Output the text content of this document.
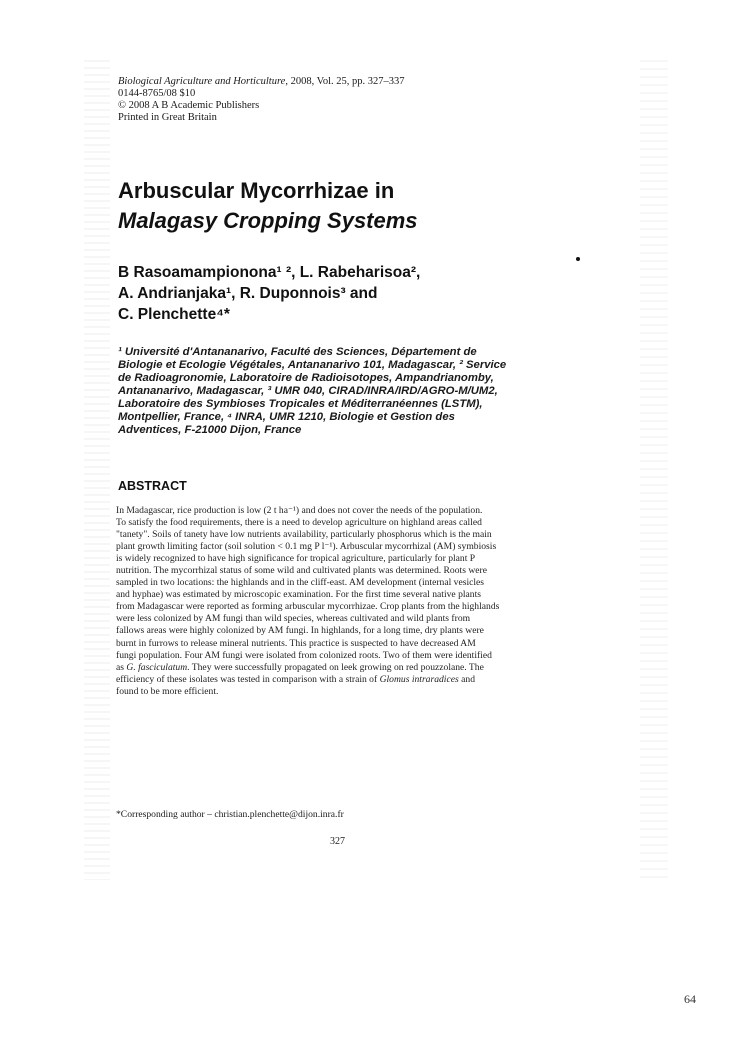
Biological Agriculture and Horticulture, 2008, Vol. 25, pp. 327–337
0144-8765/08 $10
© 2008 A B Academic Publishers
Printed in Great Britain
Arbuscular Mycorrhizae in
Malagasy Cropping Systems
B Rasoamampionona¹ ², L. Rabeharisoa²,
A. Andrianjaka¹, R. Duponnois³ and
C. Plenchette⁴*
¹ Université d'Antananarivo, Faculté des Sciences, Département de
Biologie et Ecologie Végétales, Antananarivo 101, Madagascar, ² Service
de Radioagronomie, Laboratoire de Radioisotopes, Ampandrianomby,
Antananarivo, Madagascar, ³ UMR 040, CIRAD/INRA/IRD/AGRO-M/UM2,
Laboratoire des Symbioses Tropicales et Méditerranéennes (LSTM),
Montpellier, France, ⁴ INRA, UMR 1210, Biologie et Gestion des
Adventices, F-21000 Dijon, France
ABSTRACT
In Madagascar, rice production is low (2 t ha⁻¹) and does not cover the needs of the population.
To satisfy the food requirements, there is a need to develop agriculture on highland areas called
"tanety". Soils of tanety have low nutrients availability, particularly phosphorus which is the main
plant growth limiting factor (soil solution < 0.1 mg P l⁻¹). Arbuscular mycorrhizal (AM) symbiosis
is widely recognized to have high significance for tropical agriculture, particularly for plant P
nutrition. The mycorrhizal status of some wild and cultivated plants was determined. Roots were
sampled in two locations: the highlands and in the cliff-east. AM development (internal vesicles
and hyphae) was estimated by microscopic examination. For the first time several native plants
from Madagascar were reported as forming arbuscular mycorrhizae. Crop plants from the highlands
were less colonized by AM fungi than wild species, whereas cultivated and wild plants from
fallows areas were highly colonized by AM fungi. In highlands, for a long time, dry plants were
burnt in furrows to release mineral nutrients. This practice is suspected to have decreased AM
fungi population. Four AM fungi were isolated from colonized roots. Two of them were identified
as G. fasciculatum. They were successfully propagated on leek growing on red pouzzolane. The
efficiency of these isolates was tested in comparison with a strain of Glomus intraradices and
found to be more efficient.
*Corresponding author – christian.plenchette@dijon.inra.fr
327
64
